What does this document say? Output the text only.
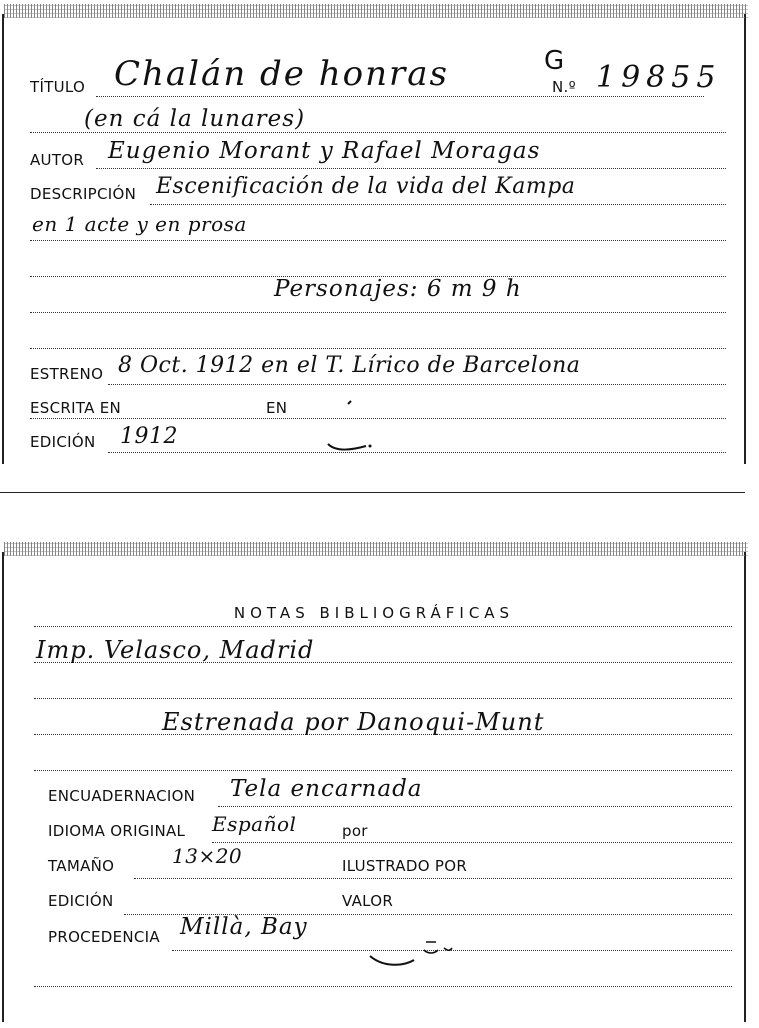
G
TÍTULO Chalán de honras	N.º 19855
(en cá la lunares)
AUTOR Eugenio Morant y Rafael Moragas
DESCRIPCIÓN Escenificación de la vida del Kampa
en 1 acte y en prosa
Personajes: 6 m 9 h
ESTRENO 8 Oct. 1912 en el T. Lírico de Barcelona
ESCRITA EN	EN
EDICIÓN 1912
NOTAS BIBLIOGRÁFICAS
Imp. Velasco, Madrid
Estrenada por Danoqui-Munt
ENCUADERNACION Tela encarnada
IDIOMA ORIGINAL Español	por
TAMAÑO	13×20	ILUSTRADO POR
EDICIÓN	VALOR
PROCEDENCIA Millà, Bay
